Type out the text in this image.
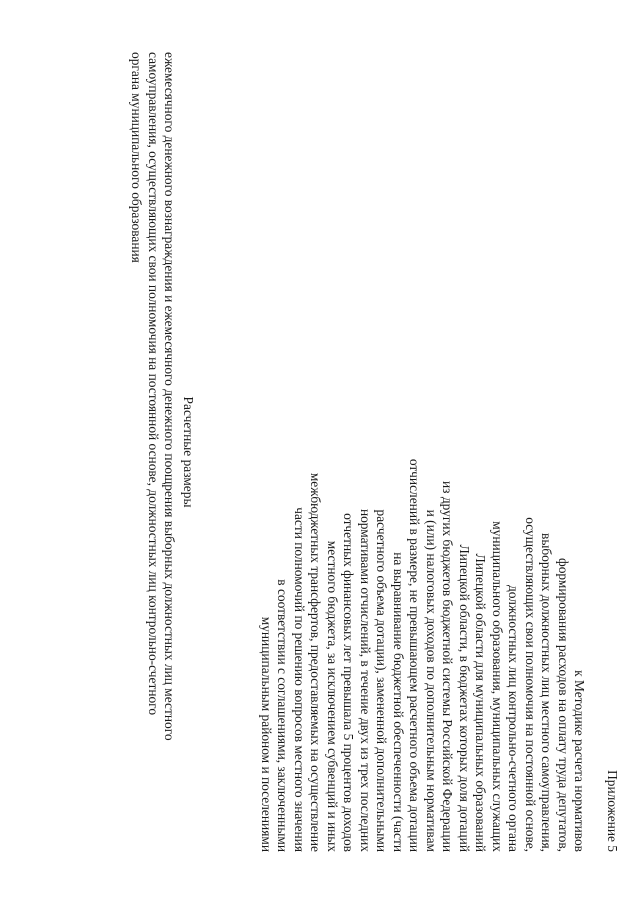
Приложение 5
к Методике расчета нормативов
формирования расходов на оплату труда депутатов,
выборных должностных лиц местного самоуправления,
осуществляющих свои полномочия на постоянной основе,
должностных лиц контрольно-счетного органа
муниципального образования, муниципальных служащих
Липецкой области для муниципальных образований
Липецкой области, в бюджетах которых доля дотаций
из других бюджетов бюджетной системы Российской Федерации
и (или) налоговых доходов по дополнительным нормативам
отчислений в размере, не превышающем расчетного объема дотации
на выравнивание бюджетной обеспеченности (части
расчетного объема дотации), замененной дополнительными
нормативами отчислений, в течение двух из трех последних
отчетных финансовых лет превышала 5 процентов доходов
местного бюджета, за исключением субвенций и иных
межбюджетных трансфертов, предоставляемых на осуществление
части полномочий по решению вопросов местного значения
в соответствии с соглашениями, заключенными
муниципальным районом и поселениями
Расчетные размеры
ежемесячного денежного вознаграждения и ежемесячного денежного поощрения выборных должностных лиц местного
самоуправления, осуществляющих свои полномочия на постоянной основе, должностных лиц контрольно-счетного
органа муниципального образования
